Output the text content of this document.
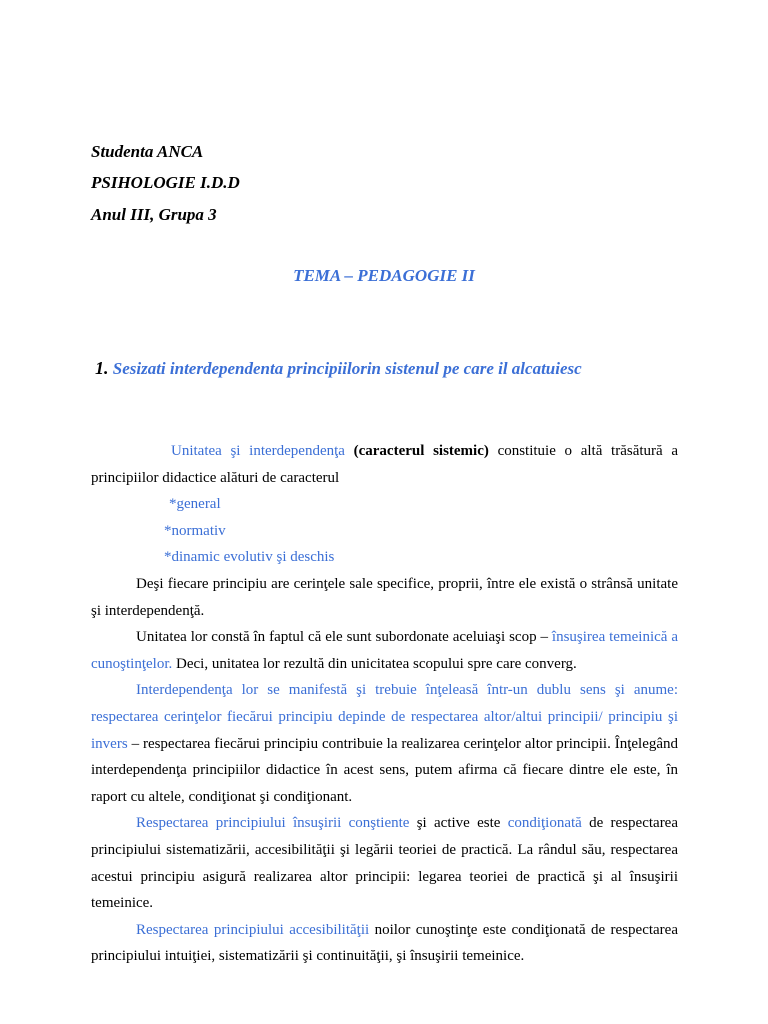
Studenta ANCA
PSIHOLOGIE I.D.D
Anul III, Grupa 3
TEMA – PEDAGOGIE II
1. Sesizati interdependenta principiilorin sistenul pe care il alcatuiesc

Unitatea şi interdependenţa (caracterul sistemic) constituie o altă trăsătură a principiilor didactice alături de caracterul

*general

*normativ

*dinamic evolutiv şi deschis

Deşi fiecare principiu are cerinţele sale specifice, proprii, între ele există o strânsă unitate şi interdependenţă.

Unitatea lor constă în faptul că ele sunt subordonate aceluiaşi scop – însuşirea temeinică a cunoştinţelor. Deci, unitatea lor rezultă din unicitatea scopului spre care converg.

Interdependenţa lor se manifestă şi trebuie înţeleasă într-un dublu sens şi anume: respectarea cerinţelor fiecărui principiu depinde de respectarea altor/altui principii/ principiu şi invers – respectarea fiecărui principiu contribuie la realizarea cerinţelor altor principii. Înţelegând interdependenţa principiilor didactice în acest sens, putem afirma că fiecare dintre ele este, în raport cu altele, condiţionat şi condiţionant.

Respectarea principiului însuşirii conştiente şi active este condiţionată de respectarea principiului sistematizării, accesibilităţii şi legării teoriei de practică. La rândul său, respectarea acestui principiu asigură realizarea altor principii: legarea teoriei de practică şi al însuşirii temeinice.

Respectarea principiului accesibilităţii noilor cunoştinţe este condiţionată de respectarea principiului intuiţiei, sistematizării şi continuităţii, şi însuşirii temeinice.
